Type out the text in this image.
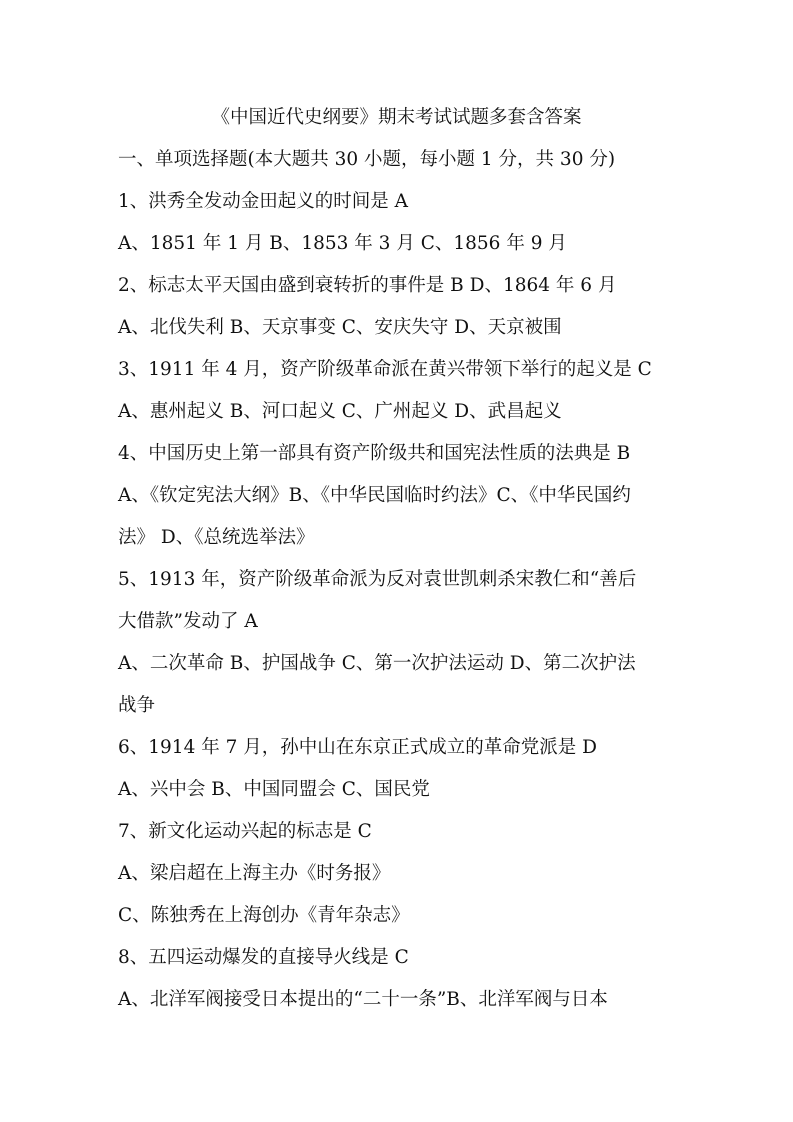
《中国近代史纲要》期末考试试题多套含答案
一、单项选择题(本大题共 30 小题，每小题 1 分，共 30 分)
1、洪秀全发动金田起义的时间是 A
A、1851 年 1 月 B、1853 年 3 月 C、1856 年 9 月
2、标志太平天国由盛到衰转折的事件是 B D、1864 年 6 月
A、北伐失利 B、天京事变 C、安庆失守 D、天京被围
3、1911 年 4 月，资产阶级革命派在黄兴带领下举行的起义是 C
A、惠州起义 B、河口起义 C、广州起义 D、武昌起义
4、中国历史上第一部具有资产阶级共和国宪法性质的法典是 B
A、《钦定宪法大纲》B、《中华民国临时约法》C、《中华民国约
法》 D、《总统选举法》
5、1913 年，资产阶级革命派为反对袁世凯刺杀宋教仁和“善后
大借款”发动了 A
A、二次革命 B、护国战争 C、第一次护法运动 D、第二次护法
战争
6、1914 年 7 月，孙中山在东京正式成立的革命党派是 D
A、兴中会 B、中国同盟会 C、国民党
7、新文化运动兴起的标志是 C
A、梁启超在上海主办《时务报》
C、陈独秀在上海创办《青年杂志》
8、五四运动爆发的直接导火线是 C
A、北洋军阀接受日本提出的“二十一条”B、北洋军阀与日本
